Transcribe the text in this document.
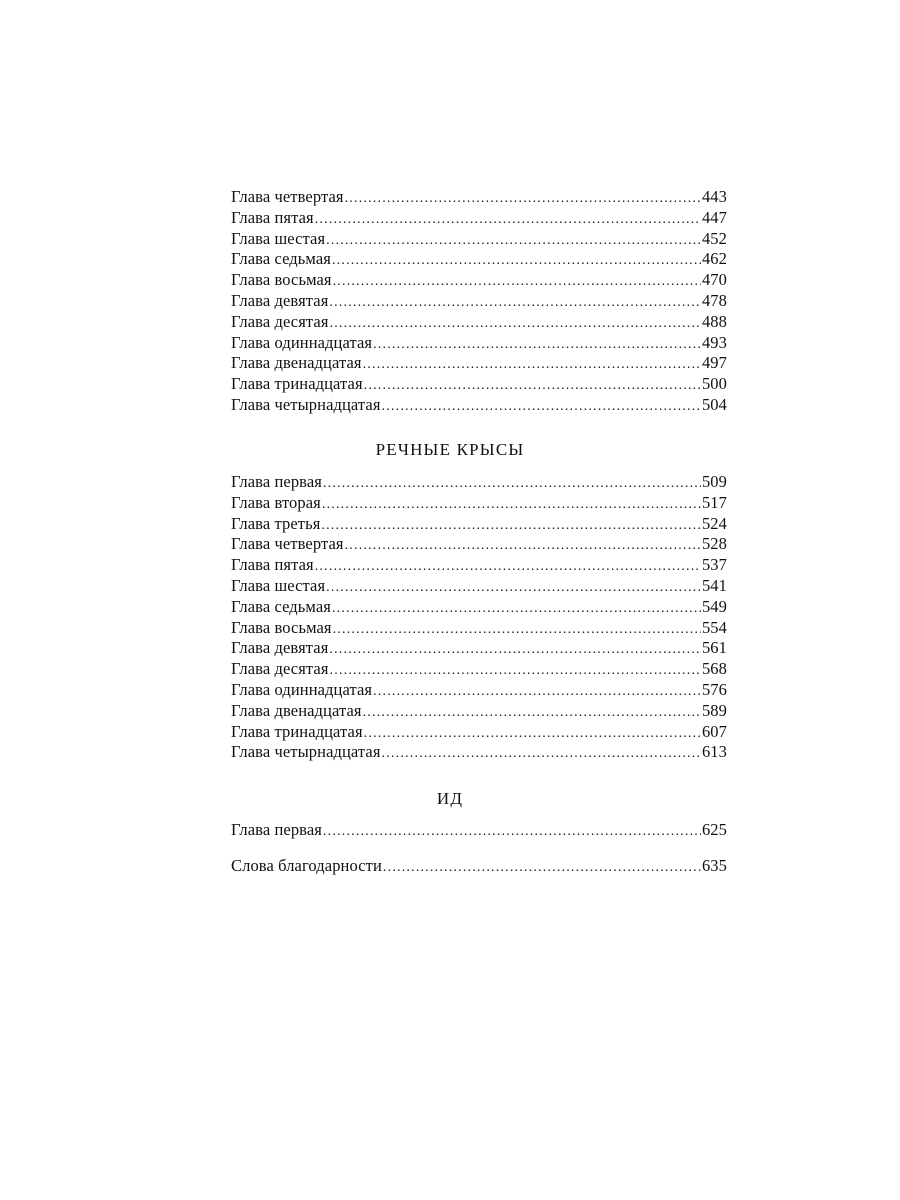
Глава четвертая .....	443
Глава пятая .....	447
Глава шестая .....	452
Глава седьмая .....	462
Глава восьмая .....	470
Глава девятая .....	478
Глава десятая .....	488
Глава одиннадцатая .....	493
Глава двенадцатая .....	497
Глава тринадцатая .....	500
Глава четырнадцатая .....	504
РЕЧНЫЕ КРЫСЫ
Глава первая .....	509
Глава вторая .....	517
Глава третья .....	524
Глава четвертая .....	528
Глава пятая .....	537
Глава шестая .....	541
Глава седьмая .....	549
Глава восьмая .....	554
Глава девятая .....	561
Глава десятая .....	568
Глава одиннадцатая .....	576
Глава двенадцатая .....	589
Глава тринадцатая .....	607
Глава четырнадцатая .....	613
ИД
Глава первая .....	625
Слова благодарности .....	635
